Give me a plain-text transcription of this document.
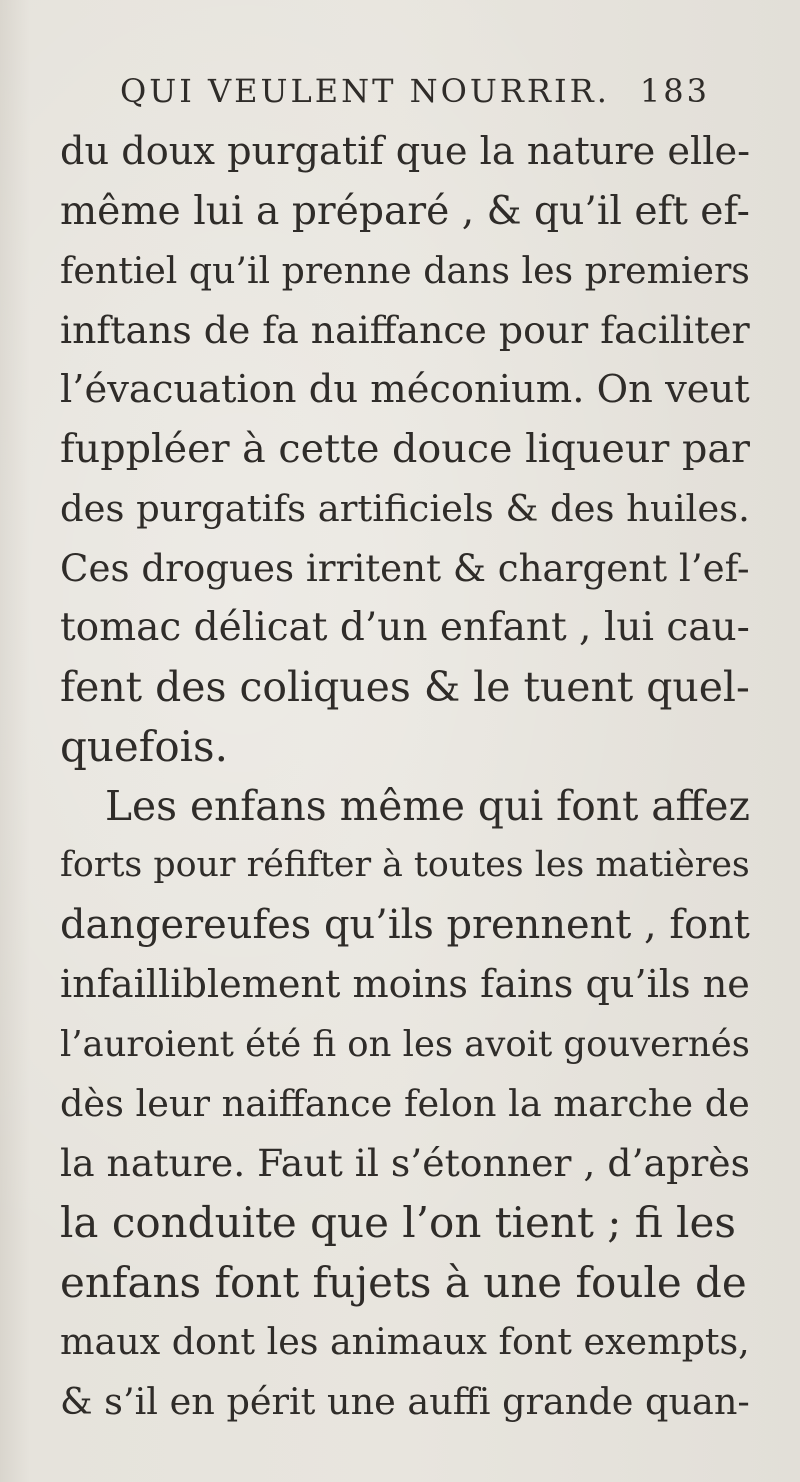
QUI VEULENT NOURRIR. 183
du doux purgatif que la nature elle-
même lui a préparé , & qu’il eft ef-
fentiel qu’il prenne dans les premiers
inftans de fa naiffance pour faciliter
l’évacuation du méconium. On veut
fuppléer à cette douce liqueur par
des purgatifs artificiels & des huiles.
Ces drogues irritent & chargent l’ef-
tomac délicat d’un enfant , lui cau-
fent des coliques & le tuent quel-
quefois.
Les enfans même qui font affez
forts pour réfifter à toutes les matières
dangereufes qu’ils prennent , font
infailliblement moins fains qu’ils ne
l’auroient été fi on les avoit gouvernés
dès leur naiffance felon la marche de
la nature. Faut il s’étonner , d’après
la conduite que l’on tient ; fi les
enfans font fujets à une foule de
maux dont les animaux font exempts,
& s’il en périt une auffi grande quan-
